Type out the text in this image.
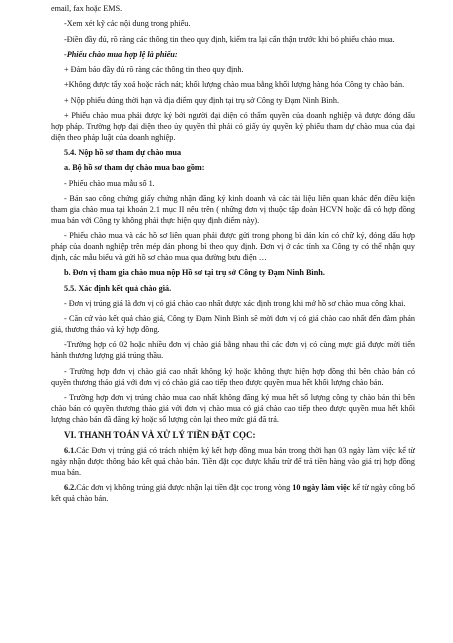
email, fax hoặc EMS.

-Xem xét kỹ các nội dung trong phiếu.

-Điền đầy đủ, rõ ràng các thông tin theo quy định, kiểm tra lại cẩn thận trước khi bỏ phiếu chào mua.

-Phiếu chào mua hợp lệ là phiếu:

+ Đảm bảo đầy đủ rõ ràng các thông tin theo quy định.

+Không được tẩy xoá hoặc rách nát; khối lượng chào mua bằng khối lượng hàng hóa Công ty chào bán.

+ Nộp phiếu đúng thời hạn và địa điểm quy định tại trụ sở Công ty Đạm Ninh Bình.

+ Phiếu chào mua phải được ký bởi người đại diện có thẩm quyền của doanh nghiệp và được đóng dấu hợp pháp. Trường hợp đại diện theo ủy quyền thì phải có giấy ủy quyền ký phiếu tham dự chào mua của đại diện theo pháp luật của doanh nghiệp.

5.4. Nộp hồ sơ tham dự chào mua

a. Bộ hồ sơ tham dự chào mua bao gồm:

- Phiếu chào mua mẫu số 1.

- Bản sao công chứng giấy chứng nhận đăng ký kinh doanh và các tài liệu liên quan khác đến điều kiện tham gia chào mua tại khoản 2.1 mục II nêu trên ( những đơn vị thuộc tập đoàn HCVN hoặc đã có hợp đồng mua bán với Công ty không phải thực hiện quy định điểm này).

- Phiếu chào mua và các hồ sơ liên quan phải được gửi trong phong bì dán kín có chữ ký, đóng dấu hợp pháp của doanh nghiệp trên mép dán phong bì theo quy định. Đơn vị ở các tỉnh xa Công ty có thể nhận quy định, các mẫu biểu và gửi hồ sơ chào mua qua đường bưu điện …

b. Đơn vị tham gia chào mua nộp Hồ sơ tại trụ sở Công ty Đạm Ninh Bình.

5.5. Xác định kết quả chào giá.

- Đơn vị trúng giá là đơn vị có giá chào cao nhất được xác định trong khi mở hồ sơ chào mua công khai.

- Căn cứ vào kết quả chào giá, Công ty Đạm Ninh Bình sẽ mời đơn vị có giá chào cao nhất đến đàm phán giá, thương thảo và ký hợp đồng.

-Trường hợp có 02 hoặc nhiều đơn vị chào giá bằng nhau thì các đơn vị có cùng mực giá được mời tiến hành thương lượng giá trúng thầu.

- Trường hợp đơn vị chào giá cao nhất không ký hoặc không thực hiện hợp đồng thì bên chào bán có quyền thương thảo giá với đơn vị có chào giá cao tiếp theo được quyền mua hết khối lượng chào bán.

- Trường hợp đơn vị trúng chào mua cao nhất không đăng ký mua hết số lượng công ty chào bán thì bên chào bán có quyền thương thảo giá với đơn vị chào mua có giá chào cao tiếp theo được quyền mua hết khối lượng chào bán đã đăng ký hoặc số lượng còn lại theo mức giá đã trả.

VI. THANH TOÁN VÀ XỬ LÝ TIỀN ĐẶT CỌC:

6.1.Các Đơn vị trúng giá có trách nhiệm ký kết hợp đồng mua bán trong thời hạn 03 ngày làm việc kể từ ngày nhận được thông báo kết quả chào bán. Tiền đặt cọc được khấu trừ để trả tiền hàng vào giá trị hợp đồng mua bán.

6.2.Các đơn vị không trúng giá được nhận lại tiền đặt cọc trong vòng 10 ngày làm việc kể từ ngày công bố kết quả chào bán.
